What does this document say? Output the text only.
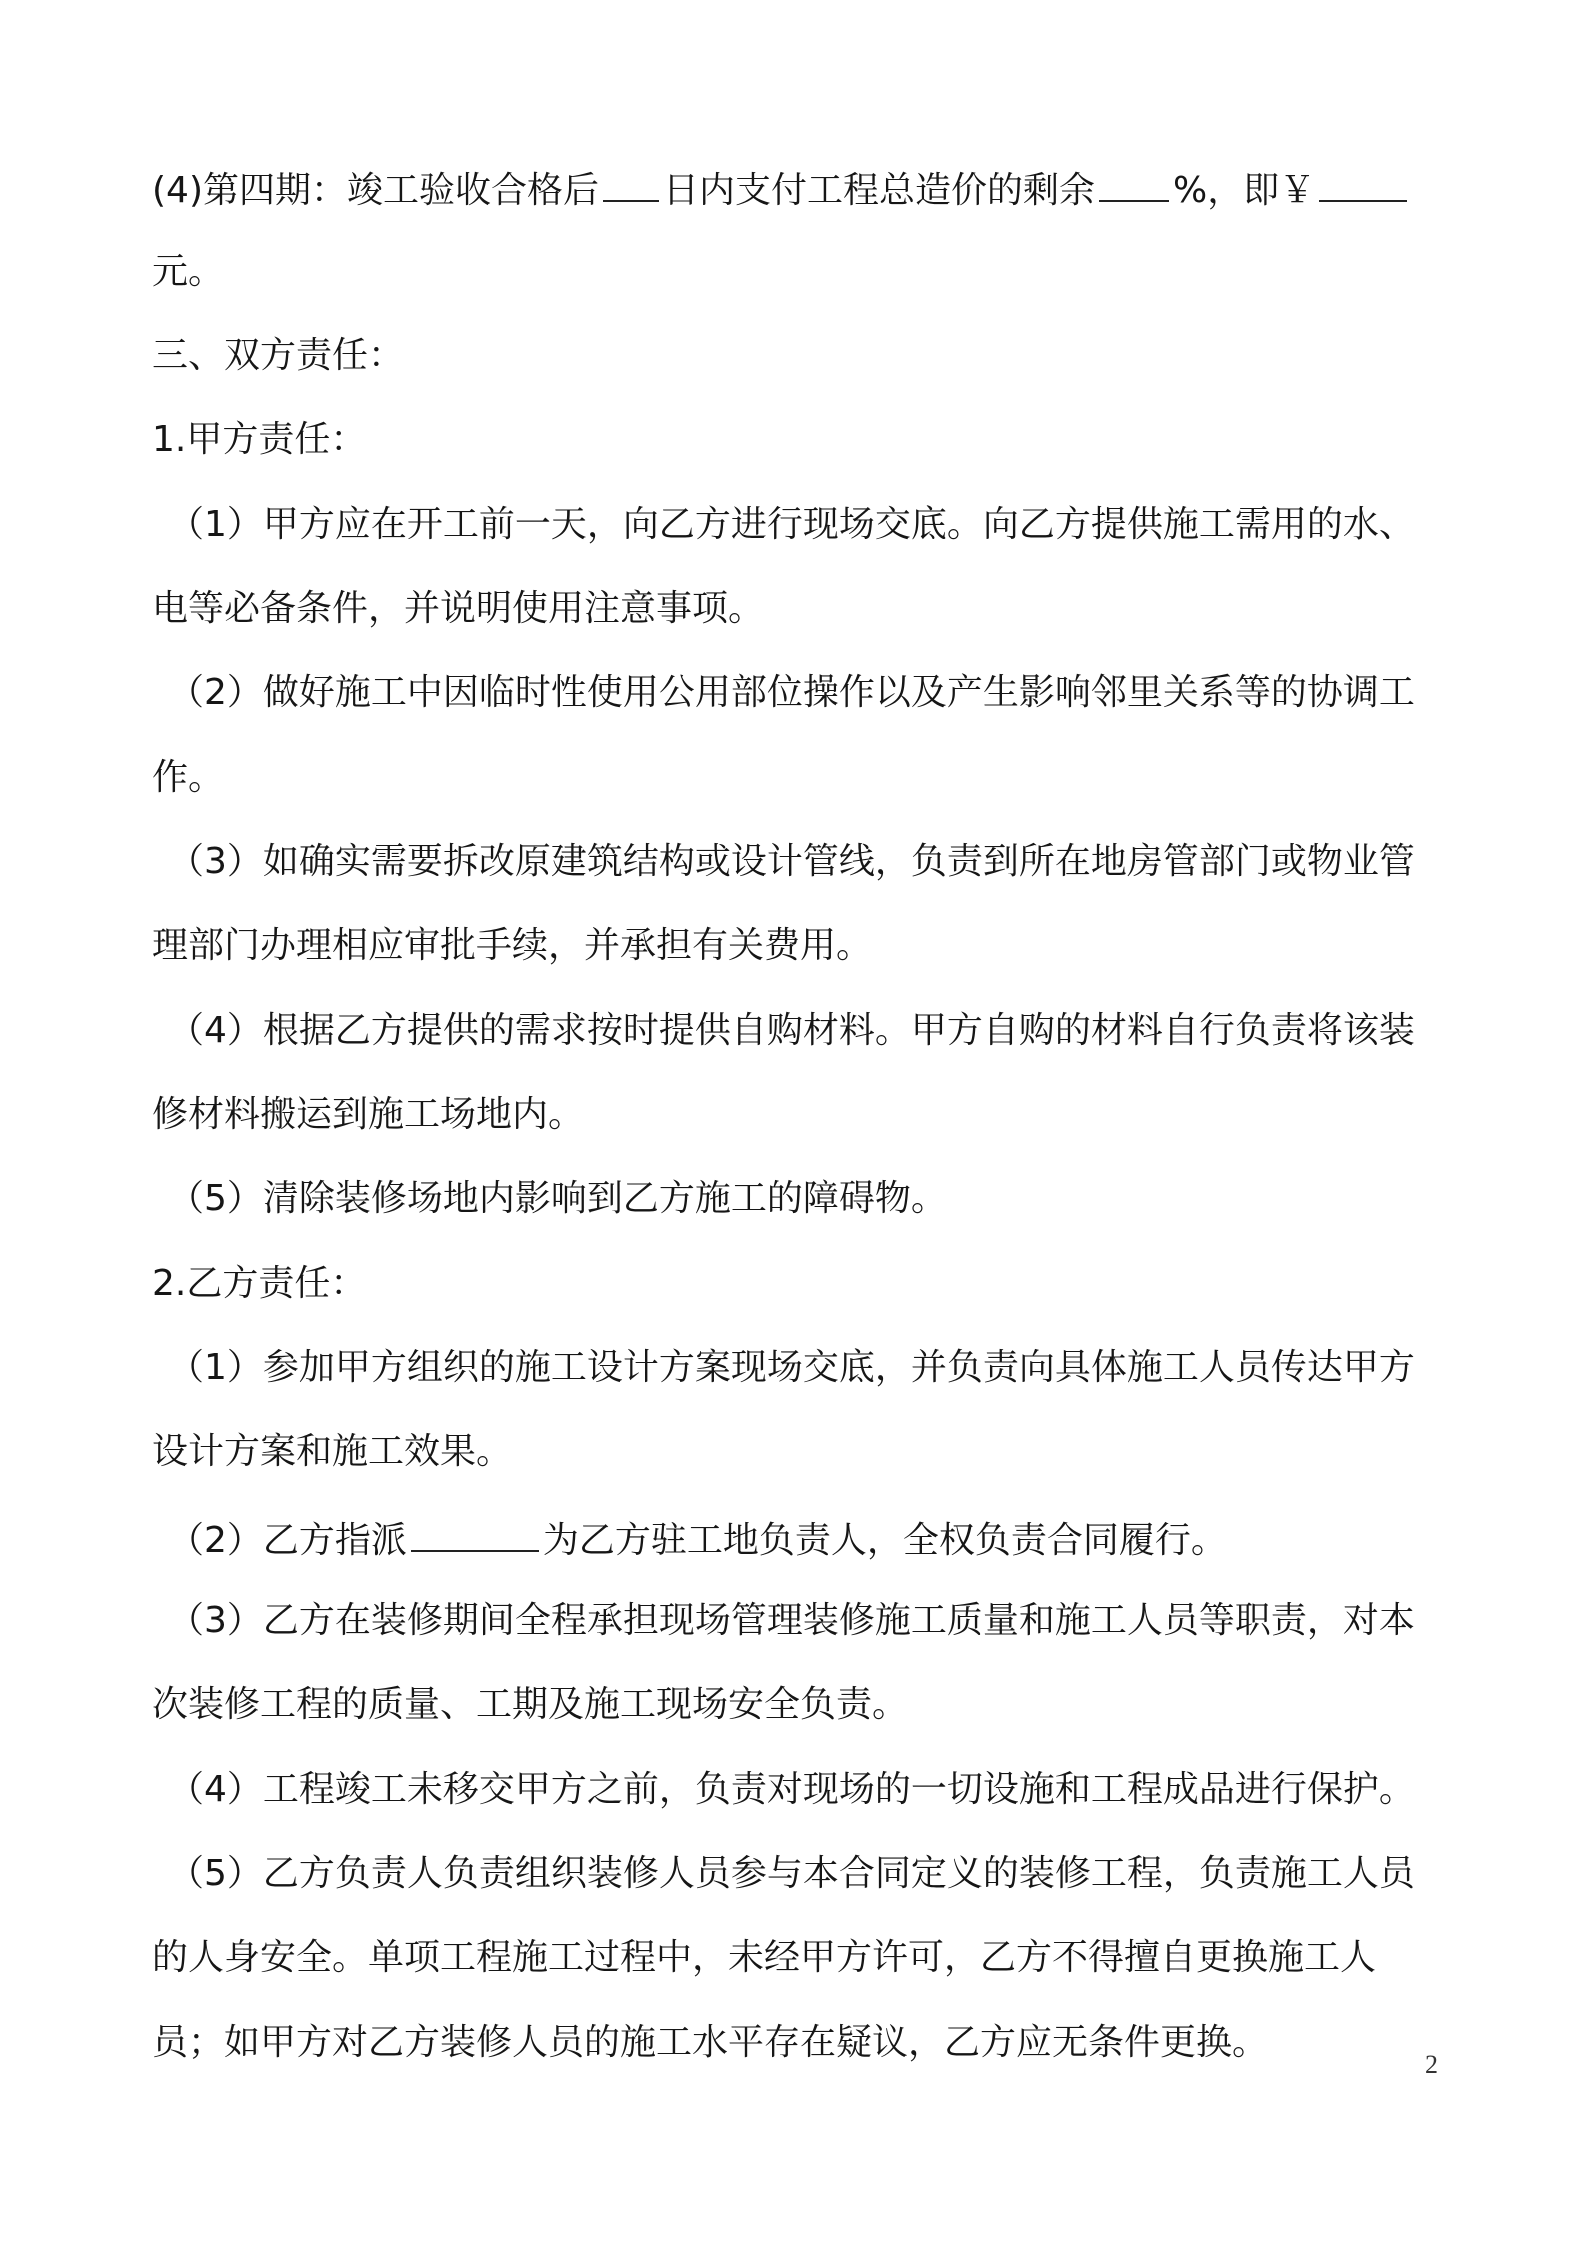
(4)第四期：竣工验收合格后 日内支付工程总造价的剩余 %，即￥
元。
三、双方责任：
1.甲方责任：
（1）甲方应在开工前一天，向乙方进行现场交底。向乙方提供施工需用的水、
电等必备条件，并说明使用注意事项。
（2）做好施工中因临时性使用公用部位操作以及产生影响邻里关系等的协调工
作。
（3）如确实需要拆改原建筑结构或设计管线，负责到所在地房管部门或物业管
理部门办理相应审批手续，并承担有关费用。
（4）根据乙方提供的需求按时提供自购材料。甲方自购的材料自行负责将该装
修材料搬运到施工场地内。
（5）清除装修场地内影响到乙方施工的障碍物。
2.乙方责任：
（1）参加甲方组织的施工设计方案现场交底，并负责向具体施工人员传达甲方
设计方案和施工效果。
（2）乙方指派	为乙方驻工地负责人，全权负责合同履行。
（3）乙方在装修期间全程承担现场管理装修施工质量和施工人员等职责，对本
次装修工程的质量、工期及施工现场安全负责。
（4）工程竣工未移交甲方之前，负责对现场的一切设施和工程成品进行保护。
（5）乙方负责人负责组织装修人员参与本合同定义的装修工程，负责施工人员
的人身安全。单项工程施工过程中，未经甲方许可，乙方不得擅自更换施工人
员；如甲方对乙方装修人员的施工水平存在疑议，乙方应无条件更换。
2
